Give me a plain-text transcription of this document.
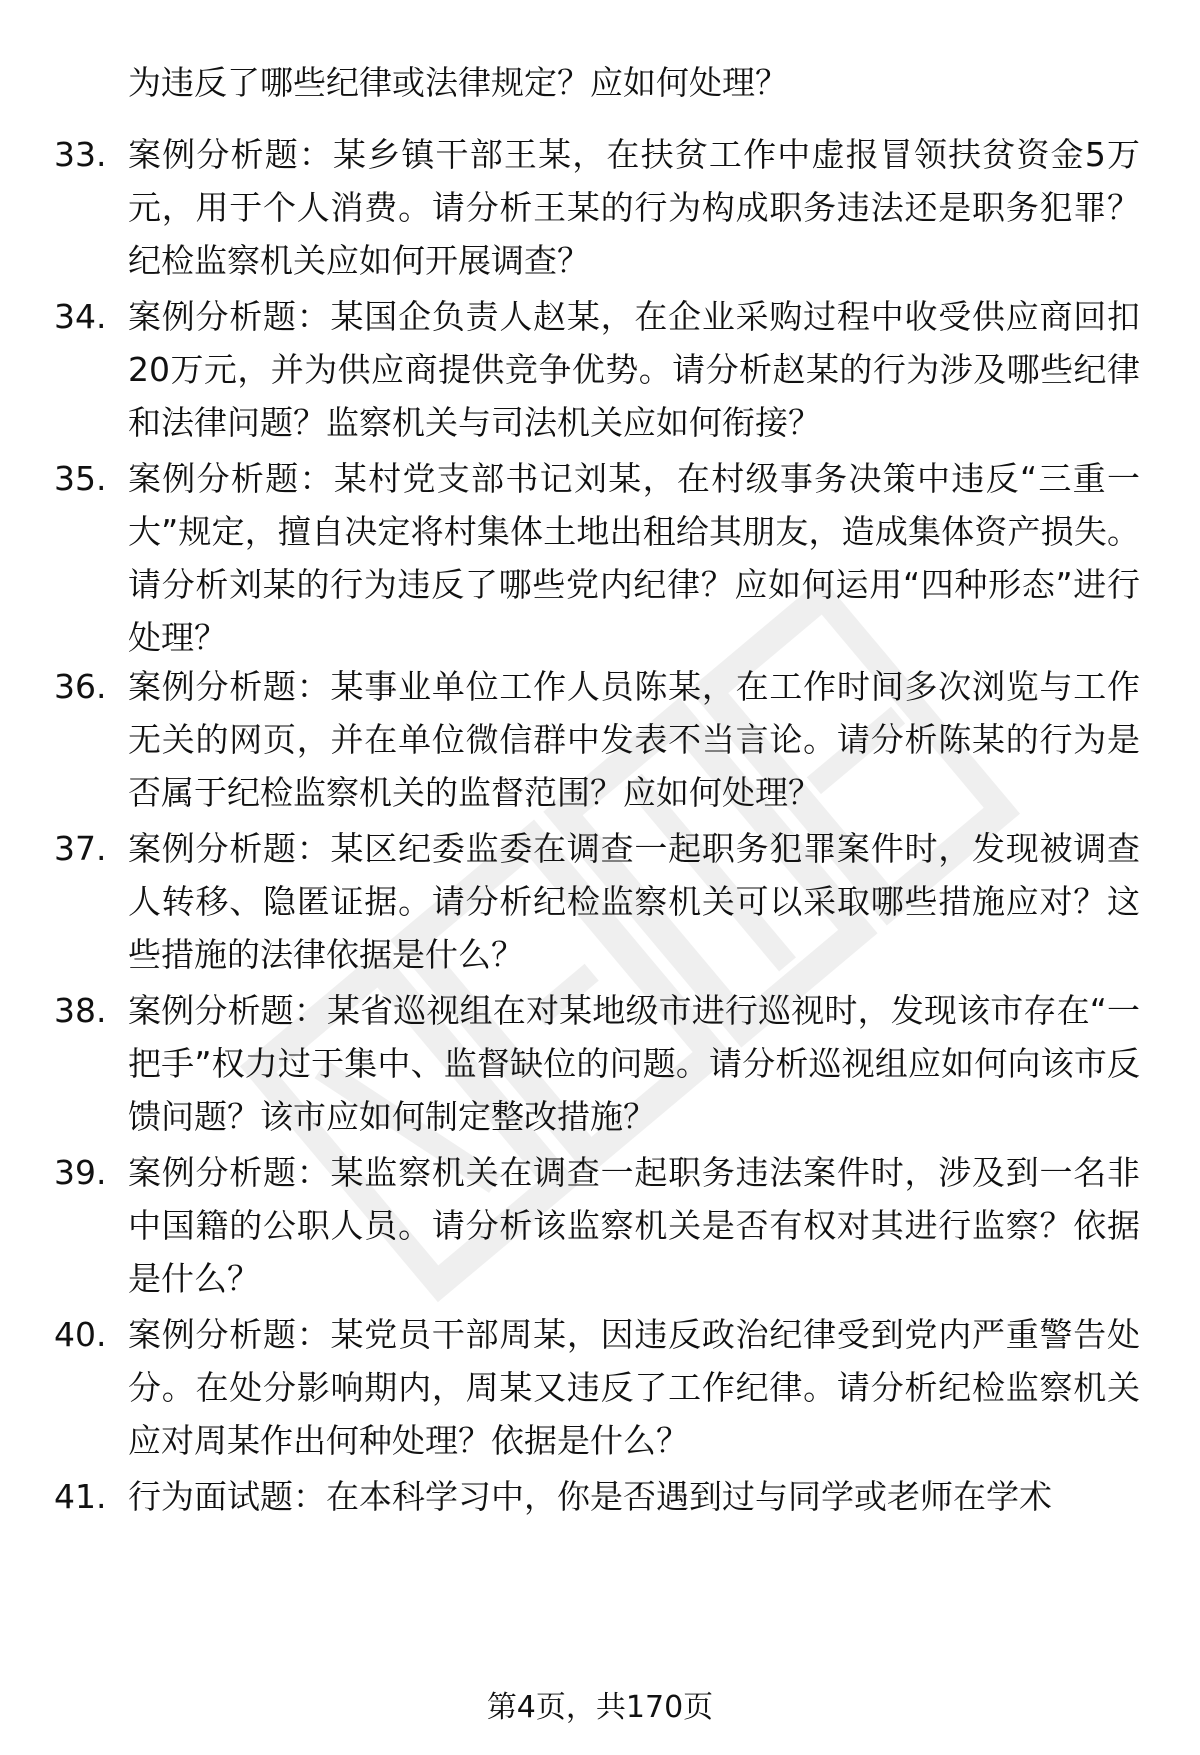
为违反了哪些纪律或法律规定？应如何处理？

33. 案例分析题：某乡镇干部王某，在扶贫工作中虚报冒领扶贫资金5万元，用于个人消费。请分析王某的行为构成职务违法还是职务犯罪？纪检监察机关应如何开展调查？
34. 案例分析题：某国企负责人赵某，在企业采购过程中收受供应商回扣20万元，并为供应商提供竞争优势。请分析赵某的行为涉及哪些纪律和法律问题？监察机关与司法机关应如何衔接？
35. 案例分析题：某村党支部书记刘某，在村级事务决策中违反“三重一大”规定，擅自决定将村集体土地出租给其朋友，造成集体资产损失。请分析刘某的行为违反了哪些党内纪律？应如何运用“四种形态”进行处理？
36. 案例分析题：某事业单位工作人员陈某，在工作时间多次浏览与工作无关的网页，并在单位微信群中发表不当言论。请分析陈某的行为是否属于纪检监察机关的监督范围？应如何处理？
37. 案例分析题：某区纪委监委在调查一起职务犯罪案件时，发现被调查人转移、隐匿证据。请分析纪检监察机关可以采取哪些措施应对？这些措施的法律依据是什么？
38. 案例分析题：某省巡视组在对某地级市进行巡视时，发现该市存在“一把手”权力过于集中、监督缺位的问题。请分析巡视组应如何向该市反馈问题？该市应如何制定整改措施？
39. 案例分析题：某监察机关在调查一起职务违法案件时，涉及到一名非中国籍的公职人员。请分析该监察机关是否有权对其进行监察？依据是什么？
40. 案例分析题：某党员干部周某，因违反政治纪律受到党内严重警告处分。在处分影响期内，周某又违反了工作纪律。请分析纪检监察机关应对周某作出何种处理？依据是什么？
41. 行为面试题：在本科学习中，你是否遇到过与同学或老师在学术
第4页，共170页
